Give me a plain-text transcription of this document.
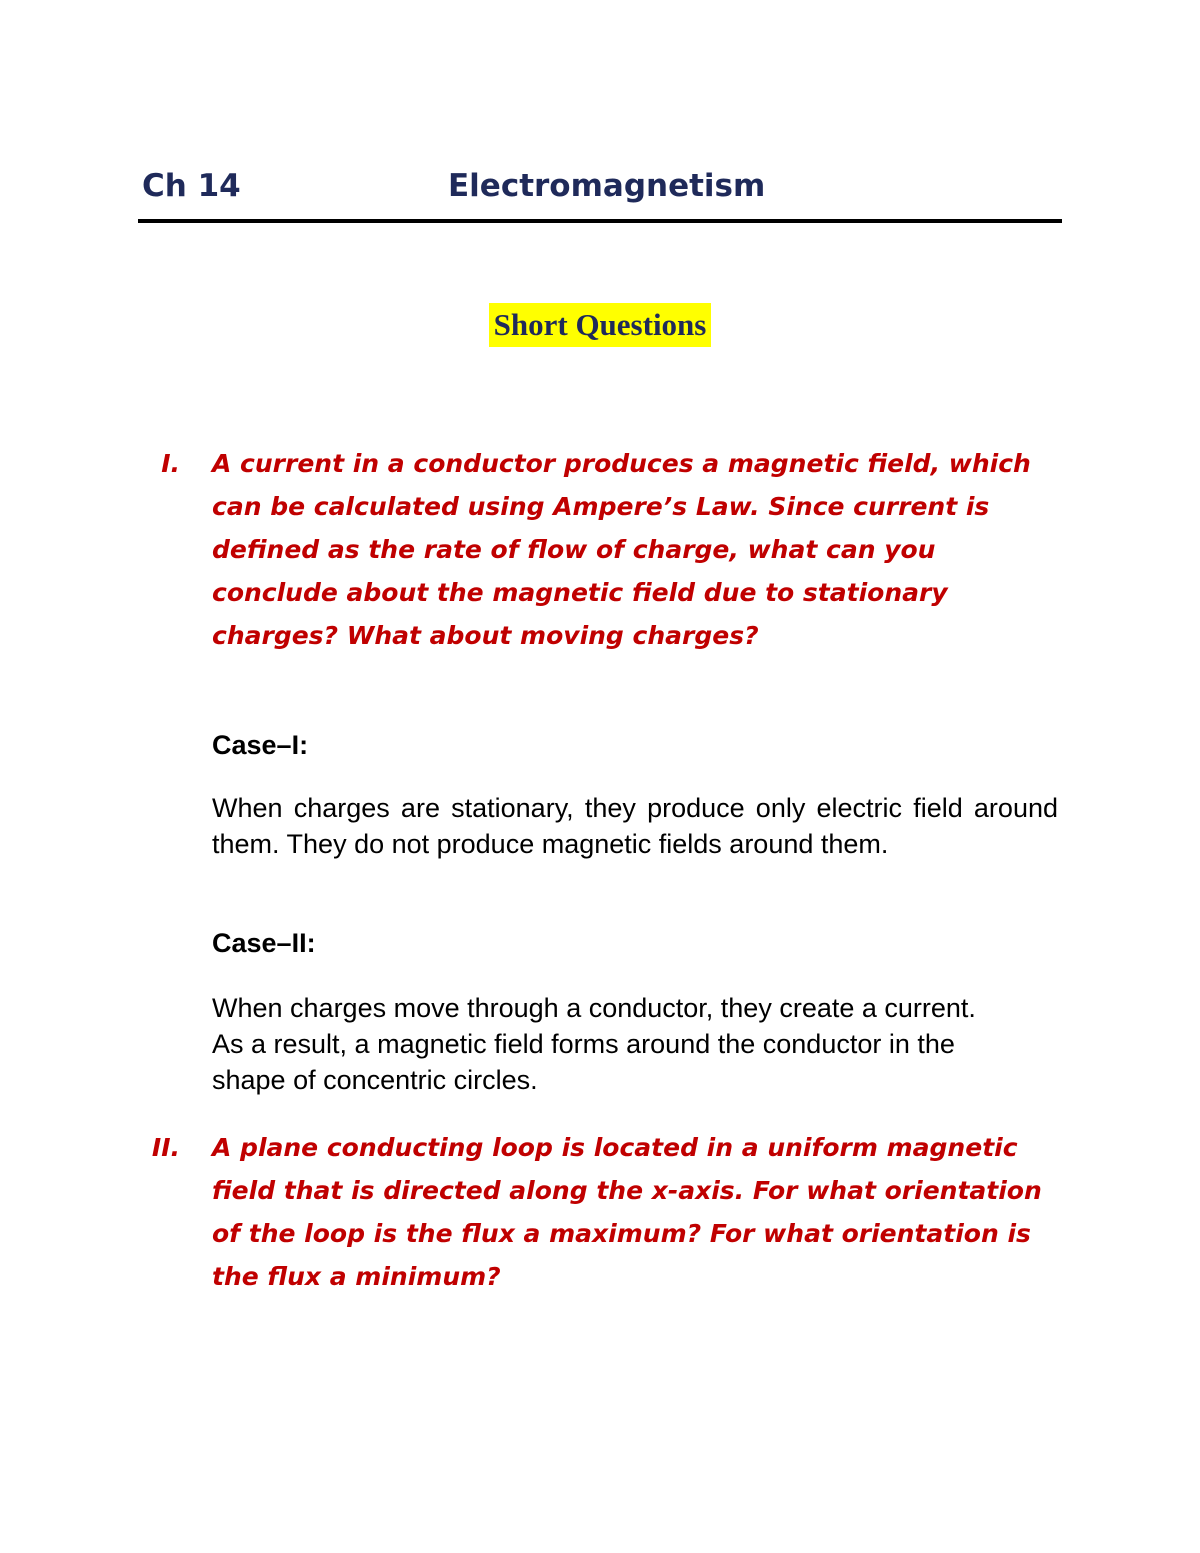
Ch 14	Electromagnetism
Short Questions
I. A current in a conductor produces a magnetic field, which can be calculated using Ampere’s Law. Since current is defined as the rate of flow of charge, what can you conclude about the magnetic field due to stationary charges? What about moving charges?
Case–I:
When charges are stationary, they produce only electric field around them. They do not produce magnetic fields around them.
Case–II:
When charges move through a conductor, they create a current. As a result, a magnetic field forms around the conductor in the shape of concentric circles.
II. A plane conducting loop is located in a uniform magnetic field that is directed along the x-axis. For what orientation of the loop is the flux a maximum? For what orientation is the flux a minimum?
